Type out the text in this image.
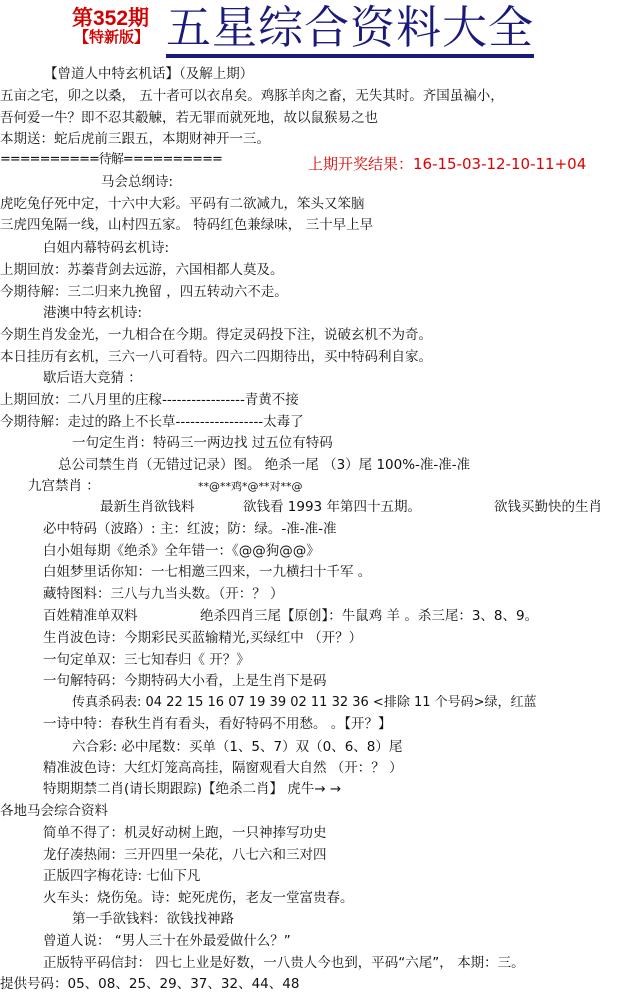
第352期
【特新版】 五星综合资料大全
【曾道人中特玄机话】（及解上期）
五亩之宅，卯之以桑， 五十者可以衣帛矣。鸡豚羊肉之畜，无失其时。齐国虽褊小，
吾何爱一牛？即不忍其觳觫，若无罪而就死地，故以鼠猴易之也
本期送：蛇后虎前三跟五，本期财神开一三。
==========待解==========	上期开奖结果：16-15-03-12-10-11+04
马会总纲诗:
虎吃兔仔死中定，十六中大彩。平码有二欲减九，笨头又笨脑
三虎四兔隔一线，山村四五家。 特码红色兼绿味， 三十早上早
白姐内幕特码玄机诗:
上期回放：苏蓁背剑去远游，六国相都人莫及。
今期待解：三二归来九挽留 ，四五转动六不走。
港澳中特玄机诗:
今期生肖发金光，一九相合在今期。得定灵码投下注，说破玄机不为奇。
本日挂历有玄机，三六一八可看特。四六二四期待出，买中特码利自家。
歇后语大竞猜 ：
上期回放：二八月里的庄稼-----------------青黄不接
今期待解：走过的路上不长草------------------太毒了
一句定生肖：特码三一两边找 过五位有特码
总公司禁生肖（无错过记录）图。 绝杀一尾 （3）尾 100%-准-准-准
九宫禁肖 ：	**@**鸡*@**对**@
最新生肖欲钱料	欲钱看 1993 年第四十五期。	欲钱买勤快的生肖
必中特码（波路）: 主：红波；防：绿。-准-准-准
白小姐每期《绝杀》全年错一：《@@狗@@》
白姐梦里话你知：一七相邀三四来，一九横扫十千军 。
藏特图料：三八与九当头数。（开：？ ）
百姓精准单双料	绝杀四肖三尾【原创】：牛鼠鸡 羊 。杀三尾：3、8、9。
生肖波色诗：今期彩民买蓝输精光,买绿红中 （开？）
一句定单双：三七知春归《 开？》
一句解特码：今期特码大小看，上是生肖下是码
传真杀码表: 04 22 15 16 07 19 39 02 11 32 36 <排除 11 个号码>绿，红蓝
一诗中特：春秋生肖有看头，看好特码不用愁。 。【开？】
六合彩: 必中尾数：买单（1、5、7）双（0、6、8）尾
精准波色诗：大红灯笼高高挂，隔窗观看大自然 （开：？ ）
特期期禁二肖(请长期跟踪)【绝杀二肖】 虎牛→ →
各地马会综合资料
简单不得了：机灵好动树上跑，一只神捧写功史
龙仔凑热闹：三开四里一朵花，八七六和三对四
正版四字梅花诗: 七仙下凡
火车头：烧伤兔。诗：蛇死虎伤，老友一堂富贵春。
第一手欲钱料：欲钱找神路
曾道人说： “男人三十在外最爱做什么？”
正版特平码信封： 四七上业是好数，一八贵人今也到，平码“六尾”， 本期：三。
提供号码：05、08、25、29、37、32、44、48
